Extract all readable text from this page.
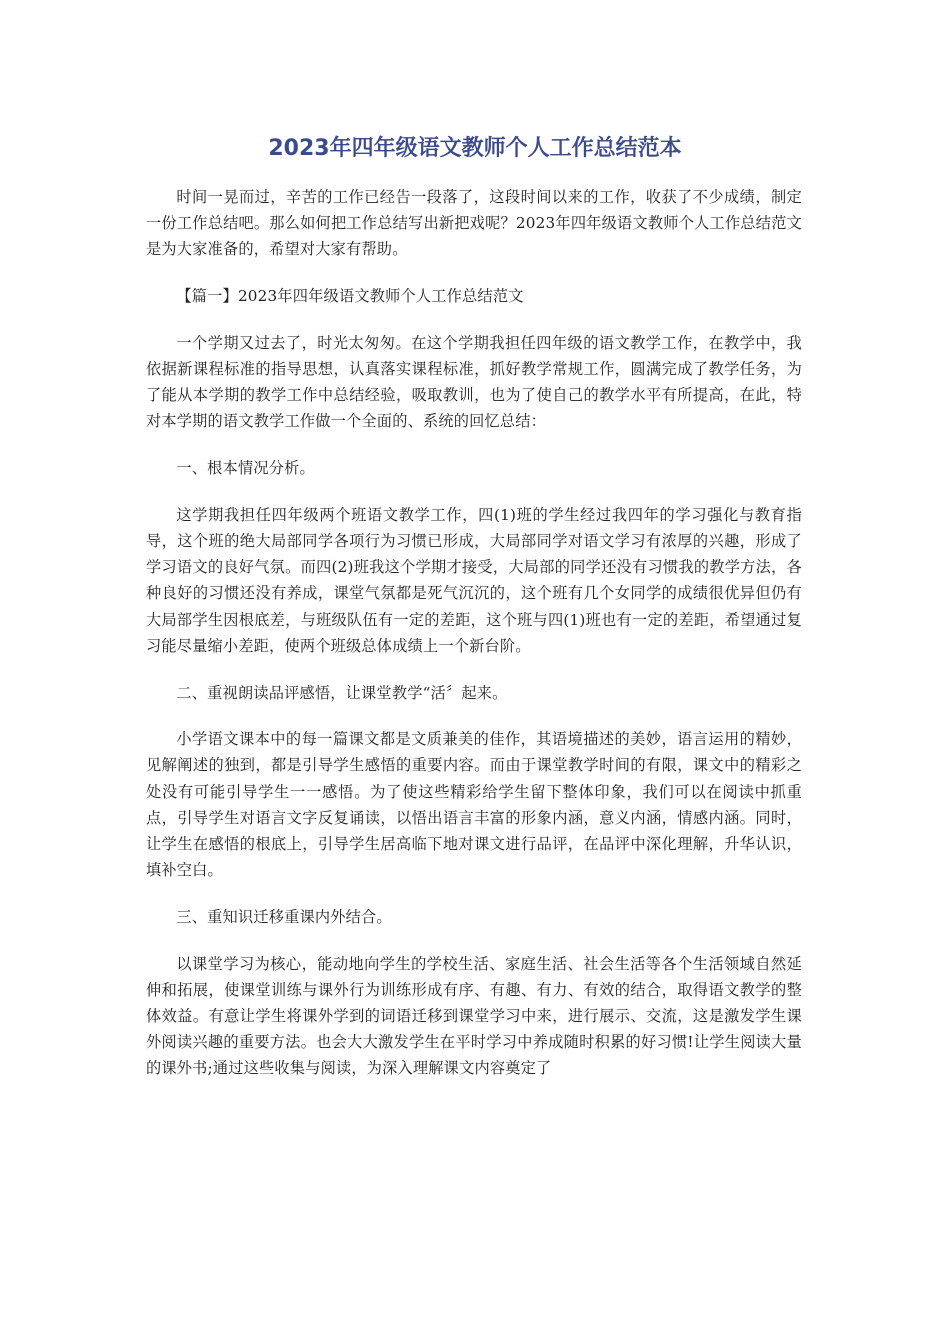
2023年四年级语文教师个人工作总结范本

时间一晃而过，辛苦的工作已经告一段落了，这段时间以来的工作，收获了不少成绩，制定一份工作总结吧。那么如何把工作总结写出新把戏呢？2023年四年级语文教师个人工作总结范文是为大家准备的，希望对大家有帮助。

【篇一】2023年四年级语文教师个人工作总结范文

一个学期又过去了，时光太匆匆。在这个学期我担任四年级的语文教学工作，在教学中，我依据新课程标准的指导思想，认真落实课程标准，抓好教学常规工作，圆满完成了教学任务，为了能从本学期的教学工作中总结经验，吸取教训，也为了使自己的教学水平有所提高，在此，特对本学期的语文教学工作做一个全面的、系统的回忆总结：

一、根本情况分析。

这学期我担任四年级两个班语文教学工作，四(1)班的学生经过我四年的学习强化与教育指导，这个班的绝大局部同学各项行为习惯已形成，大局部同学对语文学习有浓厚的兴趣，形成了学习语文的良好气氛。而四(2)班我这个学期才接受，大局部的同学还没有习惯我的教学方法，各种良好的习惯还没有养成，课堂气氛都是死气沉沉的，这个班有几个女同学的成绩很优异但仍有大局部学生因根底差，与班级队伍有一定的差距，这个班与四(1)班也有一定的差距，希望通过复习能尽量缩小差距，使两个班级总体成绩上一个新台阶。

二、重视朗读品评感悟，让课堂教学“活〞起来。

小学语文课本中的每一篇课文都是文质兼美的佳作，其语境描述的美妙，语言运用的精妙，见解阐述的独到，都是引导学生感悟的重要内容。而由于课堂教学时间的有限，课文中的精彩之处没有可能引导学生一一感悟。为了使这些精彩给学生留下整体印象，我们可以在阅读中抓重点，引导学生对语言文字反复诵读，以悟出语言丰富的形象内涵，意义内涵，情感内涵。同时，让学生在感悟的根底上，引导学生居高临下地对课文进行品评，在品评中深化理解，升华认识，填补空白。

三、重知识迁移重课内外结合。

以课堂学习为核心，能动地向学生的学校生活、家庭生活、社会生活等各个生活领域自然延伸和拓展，使课堂训练与课外行为训练形成有序、有趣、有力、有效的结合，取得语文教学的整体效益。有意让学生将课外学到的词语迁移到课堂学习中来，进行展示、交流，这是激发学生课外阅读兴趣的重要方法。也会大大激发学生在平时学习中养成随时积累的好习惯!让学生阅读大量的课外书;通过这些收集与阅读，为深入理解课文内容奠定了
